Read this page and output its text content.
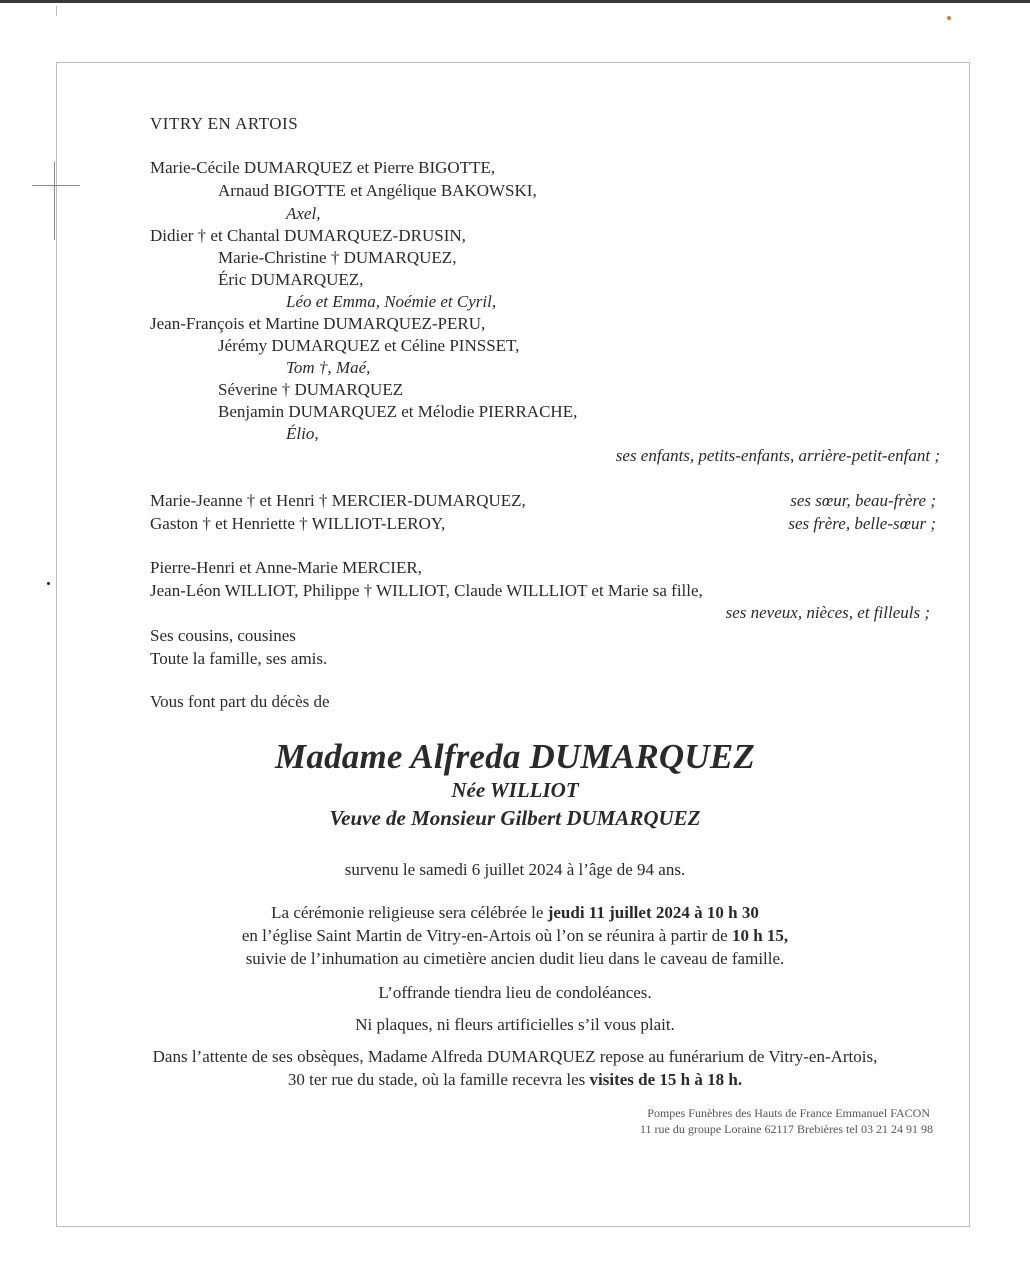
VITRY EN ARTOIS
Marie-Cécile DUMARQUEZ et Pierre BIGOTTE,
Arnaud BIGOTTE et Angélique BAKOWSKI,
Axel,
Didier † et Chantal DUMARQUEZ-DRUSIN,
Marie-Christine † DUMARQUEZ,
Éric DUMARQUEZ,
Léo et Emma, Noémie et Cyril,
Jean-François et Martine DUMARQUEZ-PERU,
Jérémy DUMARQUEZ et Céline PINSSET,
Tom †, Maé,
Séverine † DUMARQUEZ
Benjamin DUMARQUEZ et Mélodie PIERRACHE,
Élio,
ses enfants, petits-enfants, arrière-petit-enfant ;
Marie-Jeanne † et Henri † MERCIER-DUMARQUEZ,	ses sœur, beau-frère ;
Gaston † et Henriette † WILLIOT-LEROY,	ses frère, belle-sœur ;
Pierre-Henri et Anne-Marie MERCIER,
Jean-Léon WILLIOT, Philippe † WILLIOT, Claude WILLLIOT et Marie sa fille,
ses neveux, nièces, et filleuls ;
Ses cousins, cousines
Toute la famille, ses amis.
Vous font part du décès de
Madame Alfreda DUMARQUEZ
Née WILLIOT
Veuve de Monsieur Gilbert DUMARQUEZ
survenu le samedi 6 juillet 2024 à l’âge de 94 ans.
La cérémonie religieuse sera célébrée le jeudi 11 juillet 2024 à 10 h 30
en l’église Saint Martin de Vitry-en-Artois où l’on se réunira à partir de 10 h 15,
suivie de l’inhumation au cimetière ancien dudit lieu dans le caveau de famille.
L’offrande tiendra lieu de condoléances.
Ni plaques, ni fleurs artificielles s’il vous plait.
Dans l’attente de ses obsèques, Madame Alfreda DUMARQUEZ repose au funérarium de Vitry-en-Artois,
30 ter rue du stade, où la famille recevra les visites de 15 h à 18 h.
Pompes Funèbres des Hauts de France Emmanuel FACON
11 rue du groupe Loraine 62117 Brebières tel 03 21 24 91 98
